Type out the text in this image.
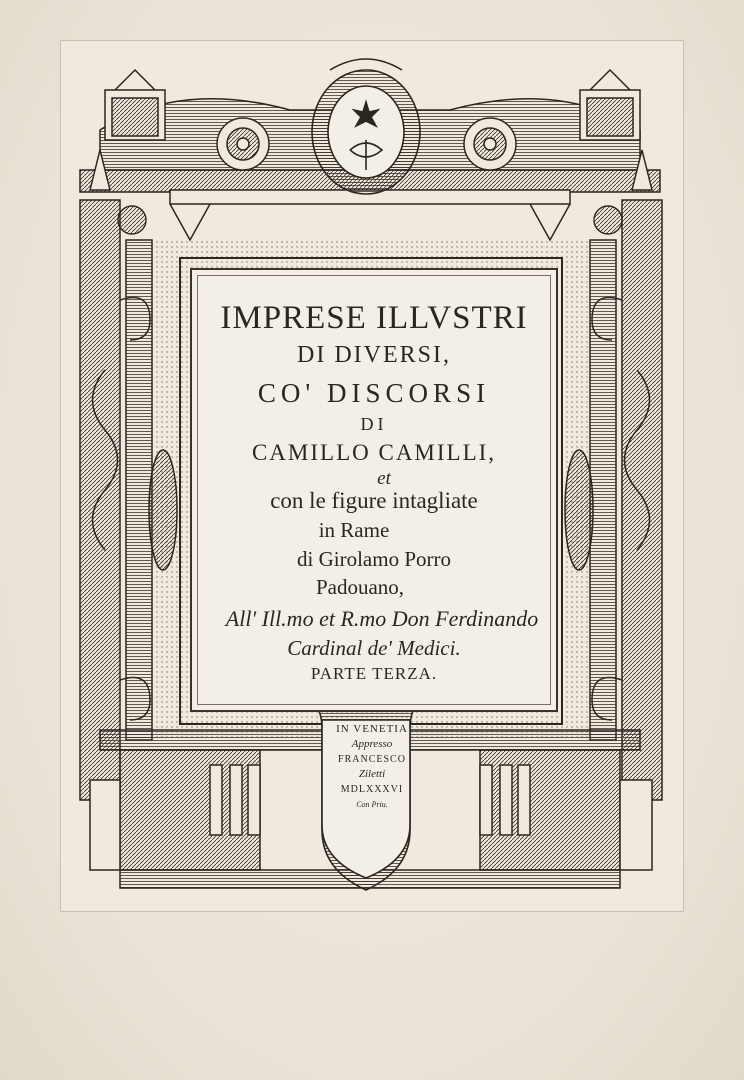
IMPRESE ILLVSTRI
DI DIVERSI,
CO' DISCORSI
DI
CAMILLO CAMILLI,
et
con le figure intagliate
in Rame
di Girolamo Porro
Padouano,
All' Ill.mo et R.mo Don Ferdinando
Cardinal de' Medici.
PARTE TERZA.
IN VENETIA
Appresso
FRANCESCO
Ziletti
MDLXXXVI
Con Priu.
